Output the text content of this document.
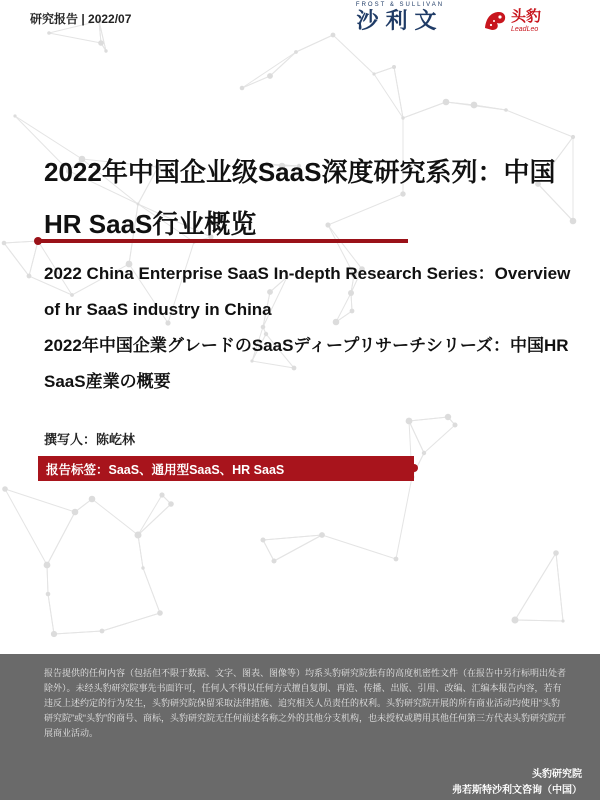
研究报告 | 2022/07
FROST & SULLIVAN
沙利文	头豹
LeadLeo
2022年中国企业级SaaS深度研究系列：中国HR SaaS行业概览
2022 China Enterprise SaaS In-depth Research Series：Overview of hr SaaS industry in China
2022年中国企業グレードのSaaSディープリサーチシリーズ：中国HR SaaS産業の概要
撰写人：陈屹林
报告标签：SaaS、通用型SaaS、HR SaaS
报告提供的任何内容（包括但不限于数据、文字、图表、图像等）均系头豹研究院独有的高度机密性文件（在报告中另行标明出处者除外）。未经头豹研究院事先书面许可，任何人不得以任何方式擅自复制、再造、传播、出版、引用、改编、汇编本报告内容，若有违反上述约定的行为发生，头豹研究院保留采取法律措施、追究相关人员责任的权利。头豹研究院开展的所有商业活动均使用“头豹研究院”或“头豹”的商号、商标，头豹研究院无任何前述名称之外的其他分支机构，也未授权或聘用其他任何第三方代表头豹研究院开展商业活动。
头豹研究院
弗若斯特沙利文咨询（中国）
